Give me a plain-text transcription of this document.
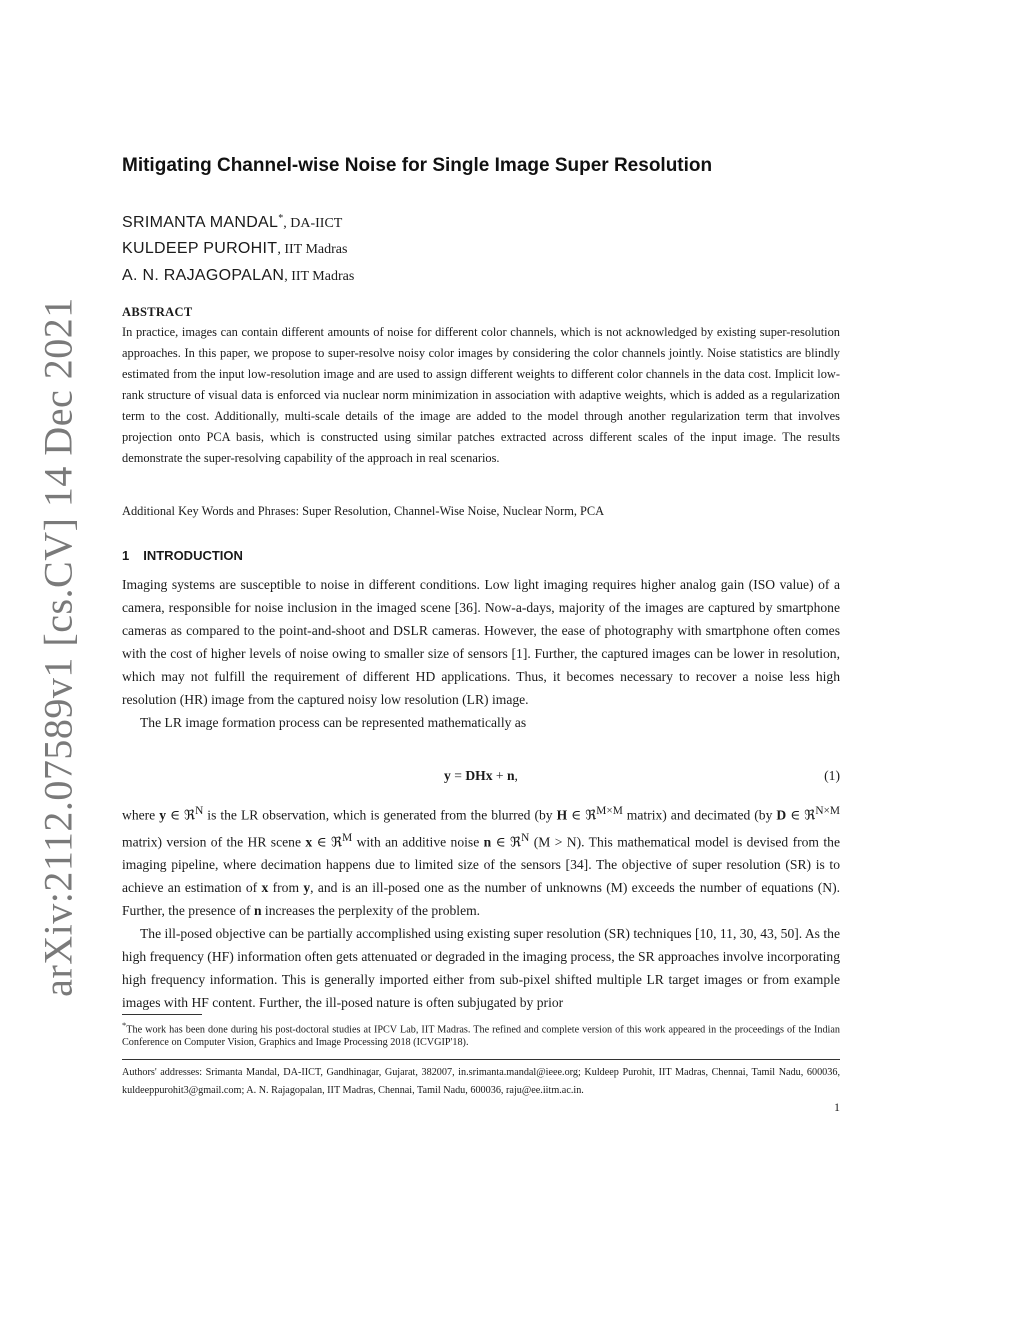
arXiv:2112.07589v1 [cs.CV] 14 Dec 2021
Mitigating Channel-wise Noise for Single Image Super Resolution
SRIMANTA MANDAL*, DA-IICT
KULDEEP PUROHIT, IIT Madras
A. N. RAJAGOPALAN, IIT Madras
ABSTRACT
In practice, images can contain different amounts of noise for different color channels, which is not acknowledged by existing super-resolution approaches. In this paper, we propose to super-resolve noisy color images by considering the color channels jointly. Noise statistics are blindly estimated from the input low-resolution image and are used to assign different weights to different color channels in the data cost. Implicit low-rank structure of visual data is enforced via nuclear norm minimization in association with adaptive weights, which is added as a regularization term to the cost. Additionally, multi-scale details of the image are added to the model through another regularization term that involves projection onto PCA basis, which is constructed using similar patches extracted across different scales of the input image. The results demonstrate the super-resolving capability of the approach in real scenarios.
Additional Key Words and Phrases: Super Resolution, Channel-Wise Noise, Nuclear Norm, PCA
1 INTRODUCTION

Imaging systems are susceptible to noise in different conditions. Low light imaging requires higher analog gain (ISO value) of a camera, responsible for noise inclusion in the imaged scene [36]. Now-a-days, majority of the images are captured by smartphone cameras as compared to the point-and-shoot and DSLR cameras. However, the ease of photography with smartphone often comes with the cost of higher levels of noise owing to smaller size of sensors [1]. Further, the captured images can be lower in resolution, which may not fulfill the requirement of different HD applications. Thus, it becomes necessary to recover a noise less high resolution (HR) image from the captured noisy low resolution (LR) image.

The LR image formation process can be represented mathematically as

y = DHx + n,	(1)

where y ∈ ℜ$^N$ is the LR observation, which is generated from the blurred (by H ∈ ℜ$^{M\times M}$ matrix) and decimated (by D ∈ ℜ$^{N\times M}$ matrix) version of the HR scene x ∈ ℜ$^M$ with an additive noise n ∈ ℜ$^N$ (M > N). This mathematical model is devised from the imaging pipeline, where decimation happens due to limited size of the sensors [34]. The objective of super resolution (SR) is to achieve an estimation of x from y, and is an ill-posed one as the number of unknowns (M) exceeds the number of equations (N). Further, the presence of n increases the perplexity of the problem.

The ill-posed objective can be partially accomplished using existing super resolution (SR) techniques [10, 11, 30, 43, 50]. As the high frequency (HF) information often gets attenuated or degraded in the imaging process, the SR approaches involve incorporating high frequency information. This is generally imported either from sub-pixel shifted multiple LR target images or from example images with HF content. Further, the ill-posed nature is often subjugated by prior

*The work has been done during his post-doctoral studies at IPCV Lab, IIT Madras. The refined and complete version of this work appeared in the proceedings of the Indian Conference on Computer Vision, Graphics and Image Processing 2018 (ICVGIP'18).
Authors' addresses: Srimanta Mandal, DA-IICT, Gandhinagar, Gujarat, 382007, in.srimanta.mandal@ieee.org; Kuldeep Purohit, IIT Madras, Chennai, Tamil Nadu, 600036, kuldeeppurohit3@gmail.com; A. N. Rajagopalan, IIT Madras, Chennai, Tamil Nadu, 600036, raju@ee.iitm.ac.in.
1
